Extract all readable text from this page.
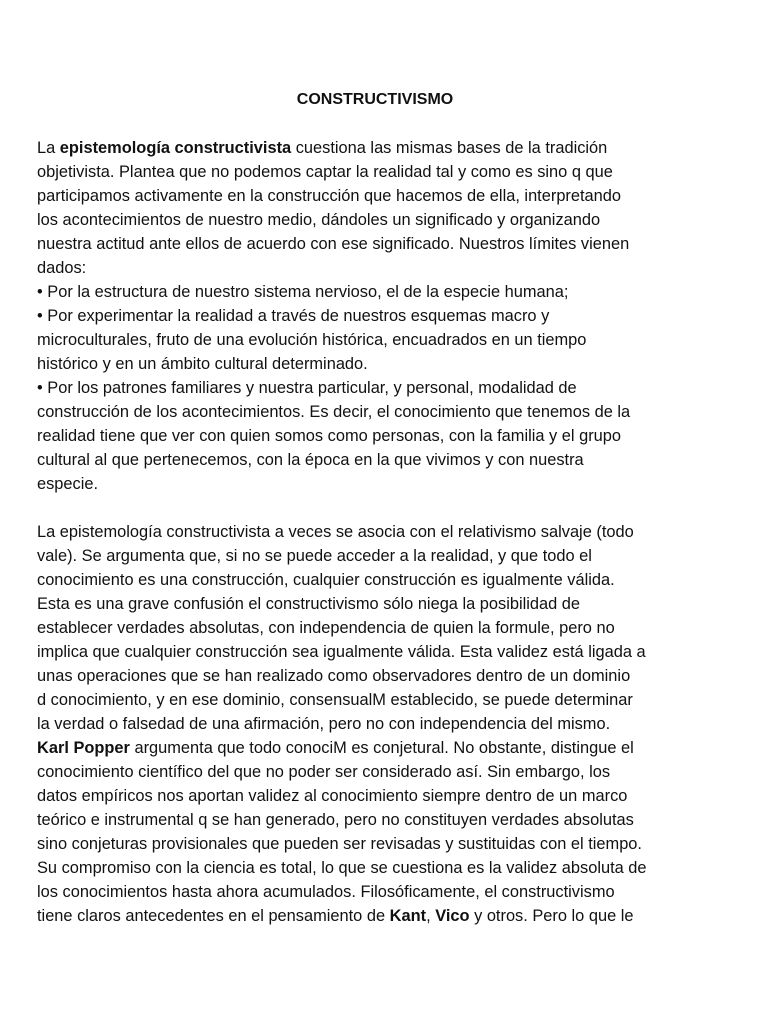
CONSTRUCTIVISMO
La epistemología constructivista cuestiona las mismas bases de la tradición
objetivista. Plantea que no podemos captar la realidad tal y como es sino q que
participamos activamente en la construcción que hacemos de ella, interpretando
los acontecimientos de nuestro medio, dándoles un significado y organizando
nuestra actitud ante ellos de acuerdo con ese significado. Nuestros límites vienen
dados:
• Por la estructura de nuestro sistema nervioso, el de la especie humana;
• Por experimentar la realidad a través de nuestros esquemas macro y
microculturales, fruto de una evolución histórica, encuadrados en un tiempo
histórico y en un ámbito cultural determinado.
• Por los patrones familiares y nuestra particular, y personal, modalidad de
construcción de los acontecimientos. Es decir, el conocimiento que tenemos de la
realidad tiene que ver con quien somos como personas, con la familia y el grupo
cultural al que pertenecemos, con la época en la que vivimos y con nuestra
especie.
La epistemología constructivista a veces se asocia con el relativismo salvaje (todo
vale). Se argumenta que, si no se puede acceder a la realidad, y que todo el
conocimiento es una construcción, cualquier construcción es igualmente válida.
Esta es una grave confusión el constructivismo sólo niega la posibilidad de
establecer verdades absolutas, con independencia de quien la formule, pero no
implica que cualquier construcción sea igualmente válida. Esta validez está ligada a
unas operaciones que se han realizado como observadores dentro de un dominio
d conocimiento, y en ese dominio, consensualM establecido, se puede determinar
la verdad o falsedad de una afirmación, pero no con independencia del mismo.
Karl Popper argumenta que todo conociM es conjetural. No obstante, distingue el
conocimiento científico del que no poder ser considerado así. Sin embargo, los
datos empíricos nos aportan validez al conocimiento siempre dentro de un marco
teórico e instrumental q se han generado, pero no constituyen verdades absolutas
sino conjeturas provisionales que pueden ser revisadas y sustituidas con el tiempo.
Su compromiso con la ciencia es total, lo que se cuestiona es la validez absoluta de
los conocimientos hasta ahora acumulados. Filosóficamente, el constructivismo
tiene claros antecedentes en el pensamiento de Kant, Vico y otros. Pero lo que le
